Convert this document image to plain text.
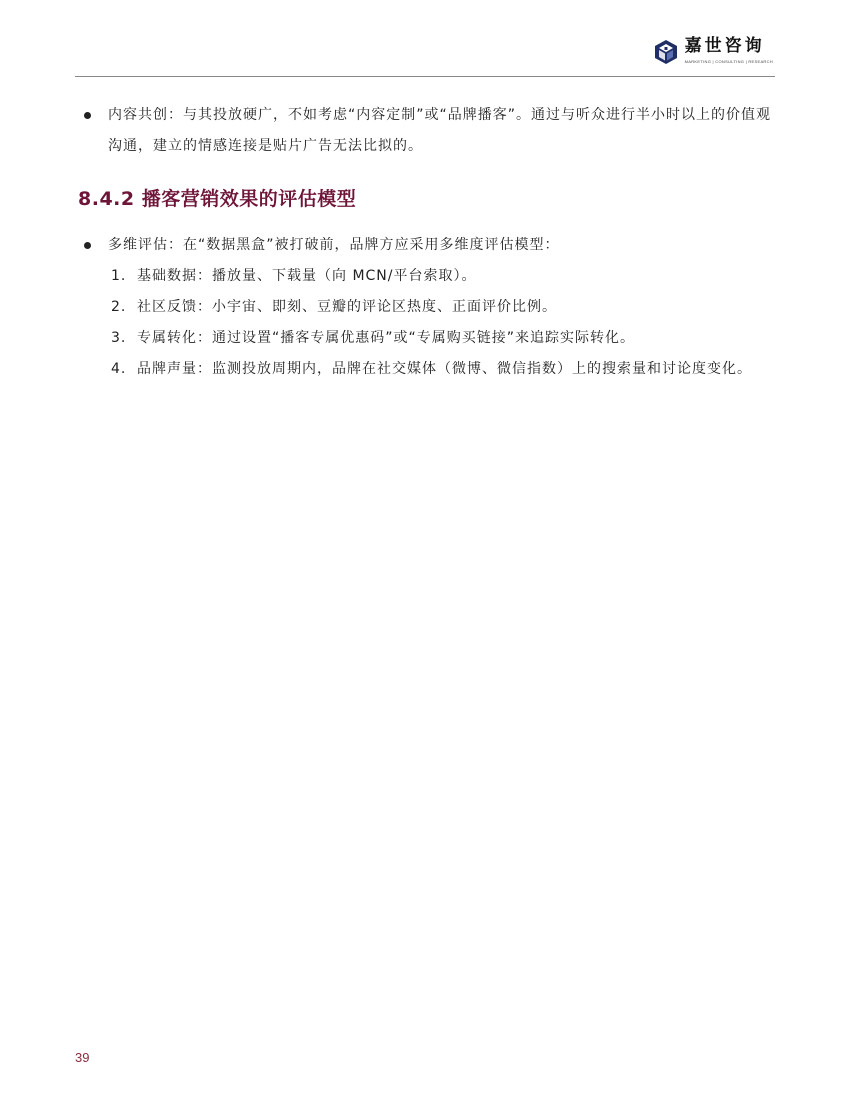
嘉世咨询
MARKETING | CONSULTING | RESEARCH
内容共创：与其投放硬广，不如考虑“内容定制”或“品牌播客”。通过与听众进行半小时以上的价值观沟通，建立的情感连接是贴片广告无法比拟的。
8.4.2 播客营销效果的评估模型
多维评估：在“数据黑盒”被打破前，品牌方应采用多维度评估模型：
1. 基础数据：播放量、下载量（向 MCN/平台索取）。
2. 社区反馈：小宇宙、即刻、豆瓣的评论区热度、正面评价比例。
3. 专属转化：通过设置“播客专属优惠码”或“专属购买链接”来追踪实际转化。
4. 品牌声量：监测投放周期内，品牌在社交媒体（微博、微信指数）上的搜索量和讨论度变化。
39
